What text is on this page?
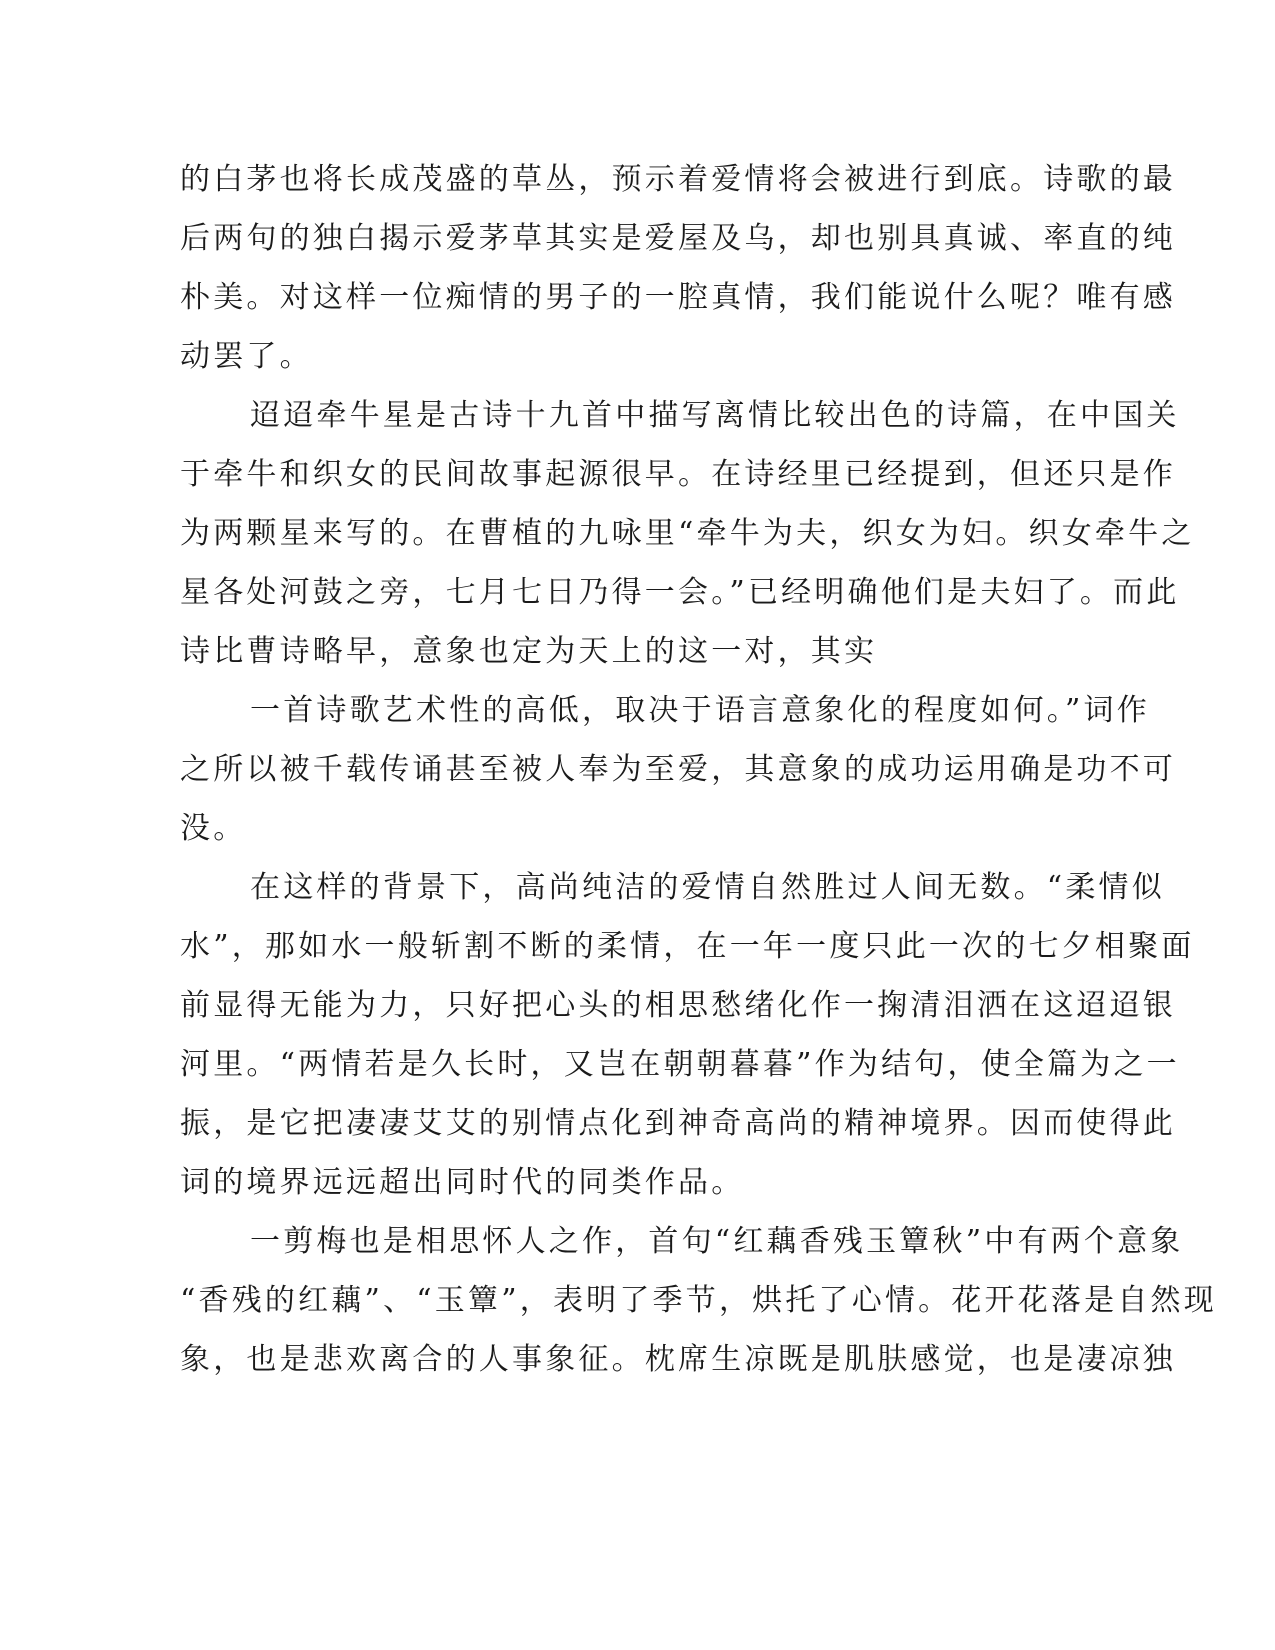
的白茅也将长成茂盛的草丛，预示着爱情将会被进行到底。诗歌的最
后两句的独白揭示爱茅草其实是爱屋及乌，却也别具真诚、率直的纯
朴美。对这样一位痴情的男子的一腔真情，我们能说什么呢？唯有感
动罢了。
迢迢牵牛星是古诗十九首中描写离情比较出色的诗篇，在中国关
于牵牛和织女的民间故事起源很早。在诗经里已经提到，但还只是作
为两颗星来写的。在曹植的九咏里“牵牛为夫，织女为妇。织女牵牛之
星各处河鼓之旁，七月七日乃得一会。”已经明确他们是夫妇了。而此
诗比曹诗略早，意象也定为天上的这一对，其实
一首诗歌艺术性的高低，取决于语言意象化的程度如何。”词作
之所以被千载传诵甚至被人奉为至爱，其意象的成功运用确是功不可
没。
在这样的背景下，高尚纯洁的爱情自然胜过人间无数。“柔情似
水”，那如水一般斩割不断的柔情，在一年一度只此一次的七夕相聚面
前显得无能为力，只好把心头的相思愁绪化作一掬清泪洒在这迢迢银
河里。“两情若是久长时，又岂在朝朝暮暮”作为结句，使全篇为之一
振，是它把凄凄艾艾的别情点化到神奇高尚的精神境界。因而使得此
词的境界远远超出同时代的同类作品。
一剪梅也是相思怀人之作，首句“红藕香残玉簟秋”中有两个意象
“香残的红藕”、“玉簟”，表明了季节，烘托了心情。花开花落是自然现
象，也是悲欢离合的人事象征。枕席生凉既是肌肤感觉，也是凄凉独
